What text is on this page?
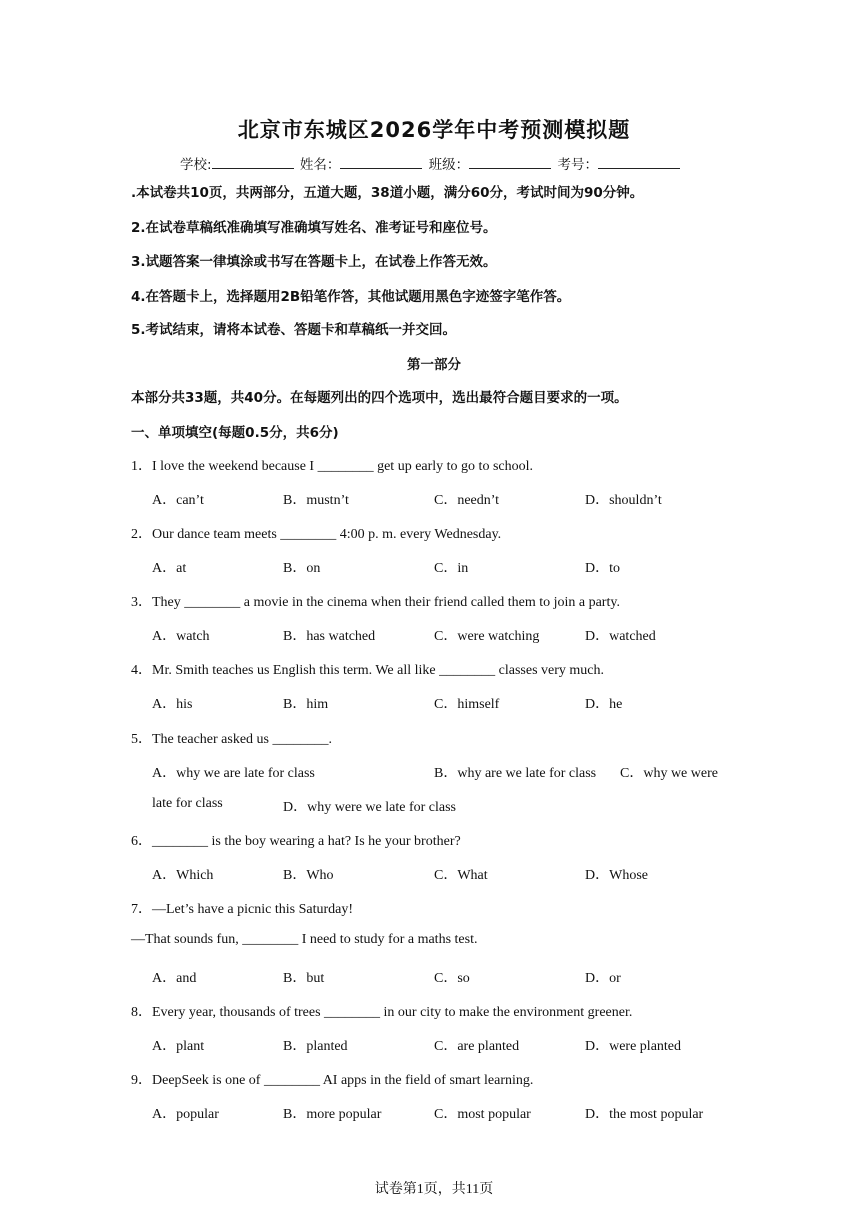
北京市东城区2026学年中考预测模拟题
学校:	姓名：	班级：	考号：
.本试卷共10页，共两部分，五道大题，38道小题，满分60分，考试时间为90分钟。
2.在试卷草稿纸准确填写准确填写姓名、准考证号和座位号。
3.试题答案一律填涂或书写在答题卡上，在试卷上作答无效。
4.在答题卡上，选择题用2B铅笔作答，其他试题用黑色字迹签字笔作答。
5.考试结束，请将本试卷、答题卡和草稿纸一并交回。
第一部分
本部分共33题，共40分。在每题列出的四个选项中，选出最符合题目要求的一项。
一、单项填空(每题0.5分，共6分)
1．I love the weekend because I ________ get up early to go to school.
A．can’t	B．mustn’t	C．needn’t	D．shouldn’t
2．Our dance team meets ________ 4:00 p. m. every Wednesday.
A．at	B．on	C．in	D．to
3．They ________ a movie in the cinema when their friend called them to join a party.
A．watch	B．has watched	C．were watching	D．watched
4．Mr. Smith teaches us English this term. We all like ________ classes very much.
A．his	B．him	C．himself	D．he
5．The teacher asked us ________.
A．why we are late for class	B．why are we late for class C．why we were
late for class	D．why were we late for class
6．________ is the boy wearing a hat? Is he your brother?
A．Which	B．Who	C．What	D．Whose
7．—Let’s have a picnic this Saturday!
—That sounds fun, ________ I need to study for a maths test.
A．and	B．but	C．so	D．or
8．Every year, thousands of trees ________ in our city to make the environment greener.
A．plant	B．planted	C．are planted	D．were planted
9．DeepSeek is one of ________ AI apps in the field of smart learning.
A．popular	B．more popular	C．most popular	D．the most popular
试卷第1页，共11页
